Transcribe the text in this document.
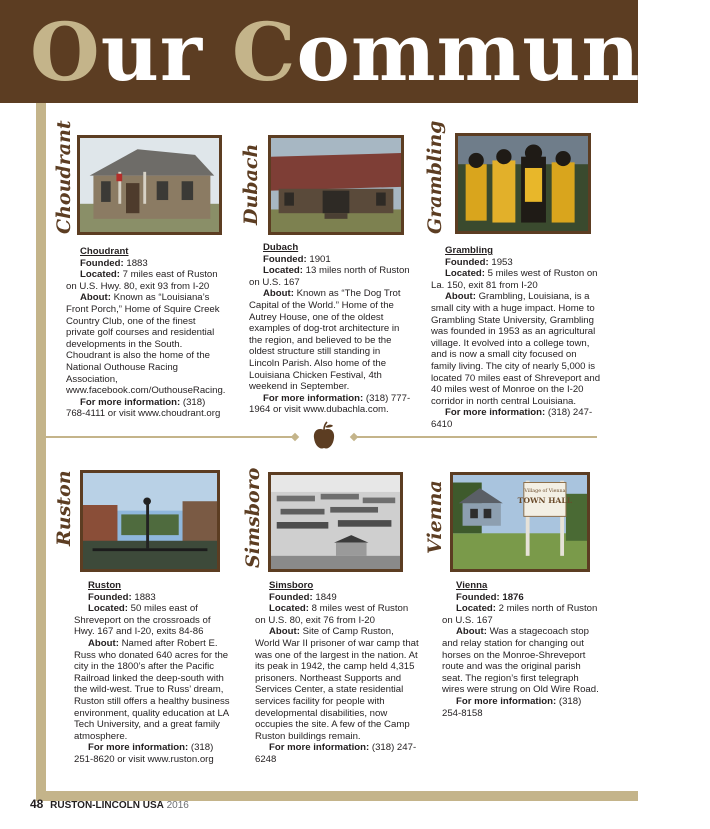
Our Communit
Choudrant

Choudrant

Founded: 1883

Located: 7 miles east of Ruston on U.S. Hwy. 80, exit 93 from I-20

About: Known as “Louisiana’s Front Porch,” Home of Squire Creek Country Club, one of the finest private golf courses and residential developments in the South. Choudrant is also the home of the National Outhouse Racing Association, www.facebook.com/OuthouseRacing.

For more information: (318) 768-4111 or visit www.choudrant.org

Dubach

Dubach

Founded: 1901

Located: 13 miles north of Ruston on U.S. 167

About: Known as “The Dog Trot Capital of the World.” Home of the Autrey House, one of the oldest examples of dog-trot architecture in the region, and believed to be the oldest structure still standing in Lincoln Parish. Also home of the Louisiana Chicken Festival, 4th weekend in September.

For more information: (318) 777-1964 or visit www.dubachla.com.

Grambling

Grambling

Founded: 1953

Located: 5 miles west of Ruston on La. 150, exit 81 from I-20

About: Grambling, Louisiana, is a small city with a huge impact. Home to Grambling State University, Grambling was founded in 1953 as an agricultural village. It evolved into a college town, and is now a small city focused on family living. The city of nearly 5,000 is located 70 miles east of Shreveport and 40 miles west of Monroe on the I-20 corridor in north central Louisiana.

For more information: (318) 247-6410

Ruston

Ruston

Founded: 1883

Located: 50 miles east of Shreveport on the crossroads of Hwy. 167 and I-20, exits 84-86

About: Named after Robert E. Russ who donated 640 acres for the city in the 1800’s after the Pacific Railroad linked the deep-south with the wild-west. True to Russ’ dream, Ruston still offers a healthy business environment, quality education at LA Tech University, and a great family atmosphere.

For more information: (318) 251-8620 or visit www.ruston.org

Simsboro

Simsboro

Founded: 1849

Located: 8 miles west of Ruston on U.S. 80, exit 76 from I-20

About: Site of Camp Ruston, World War II prisoner of war camp that was one of the largest in the nation. At its peak in 1942, the camp held 4,315 prisoners. Northeast Supports and Services Center, a state residential services facility for people with developmental disabilities, now occupies the site. A few of the Camp Ruston buildings remain.

For more information: (318) 247-6248

Vienna	Village of Vienna
TOWN HALL

Vienna

Founded: 1876

Located: 2 miles north of Ruston on U.S. 167

About: Was a stagecoach stop and relay station for changing out horses on the Monroe-Shreveport route and was the original parish seat. The region’s first telegraph wires were strung on Old Wire Road.

For more information: (318) 254-8158

48 RUSTON-LINCOLN USA 2016
